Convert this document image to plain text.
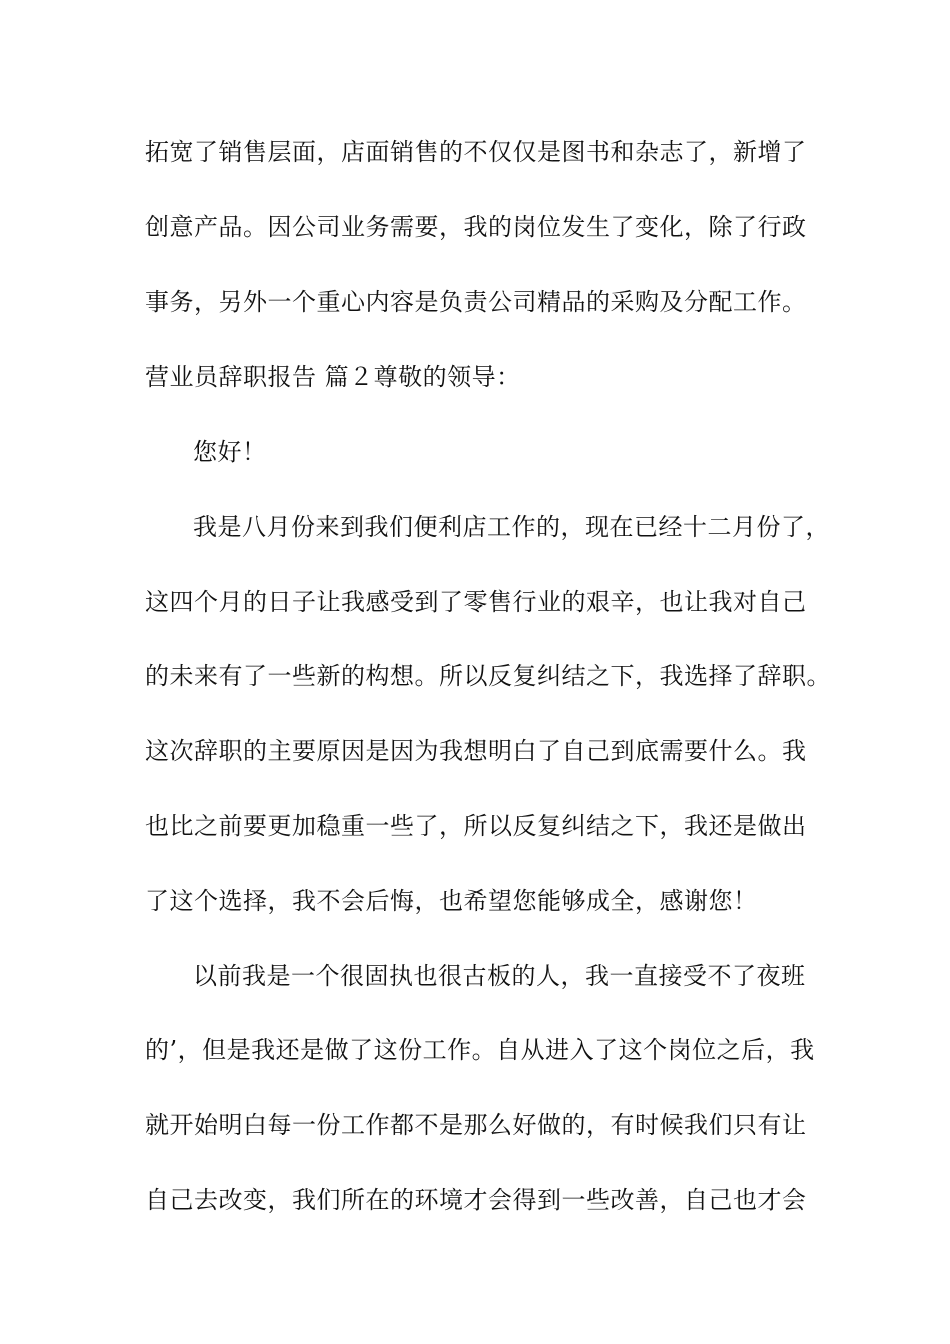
拓宽了销售层面，店面销售的不仅仅是图书和杂志了，新增了
创意产品。因公司业务需要，我的岗位发生了变化，除了行政
事务，另外一个重心内容是负责公司精品的采购及分配工作。
营业员辞职报告 篇２尊敬的领导：
您好！
我是八月份来到我们便利店工作的，现在已经十二月份了，
这四个月的日子让我感受到了零售行业的艰辛，也让我对自己
的未来有了一些新的构想。所以反复纠结之下，我选择了辞职。
这次辞职的主要原因是因为我想明白了自己到底需要什么。我
也比之前要更加稳重一些了，所以反复纠结之下，我还是做出
了这个选择，我不会后悔，也希望您能够成全，感谢您！
以前我是一个很固执也很古板的人，我一直接受不了夜班
的’，但是我还是做了这份工作。自从进入了这个岗位之后，我
就开始明白每一份工作都不是那么好做的，有时候我们只有让
自己去改变，我们所在的环境才会得到一些改善，自己也才会
